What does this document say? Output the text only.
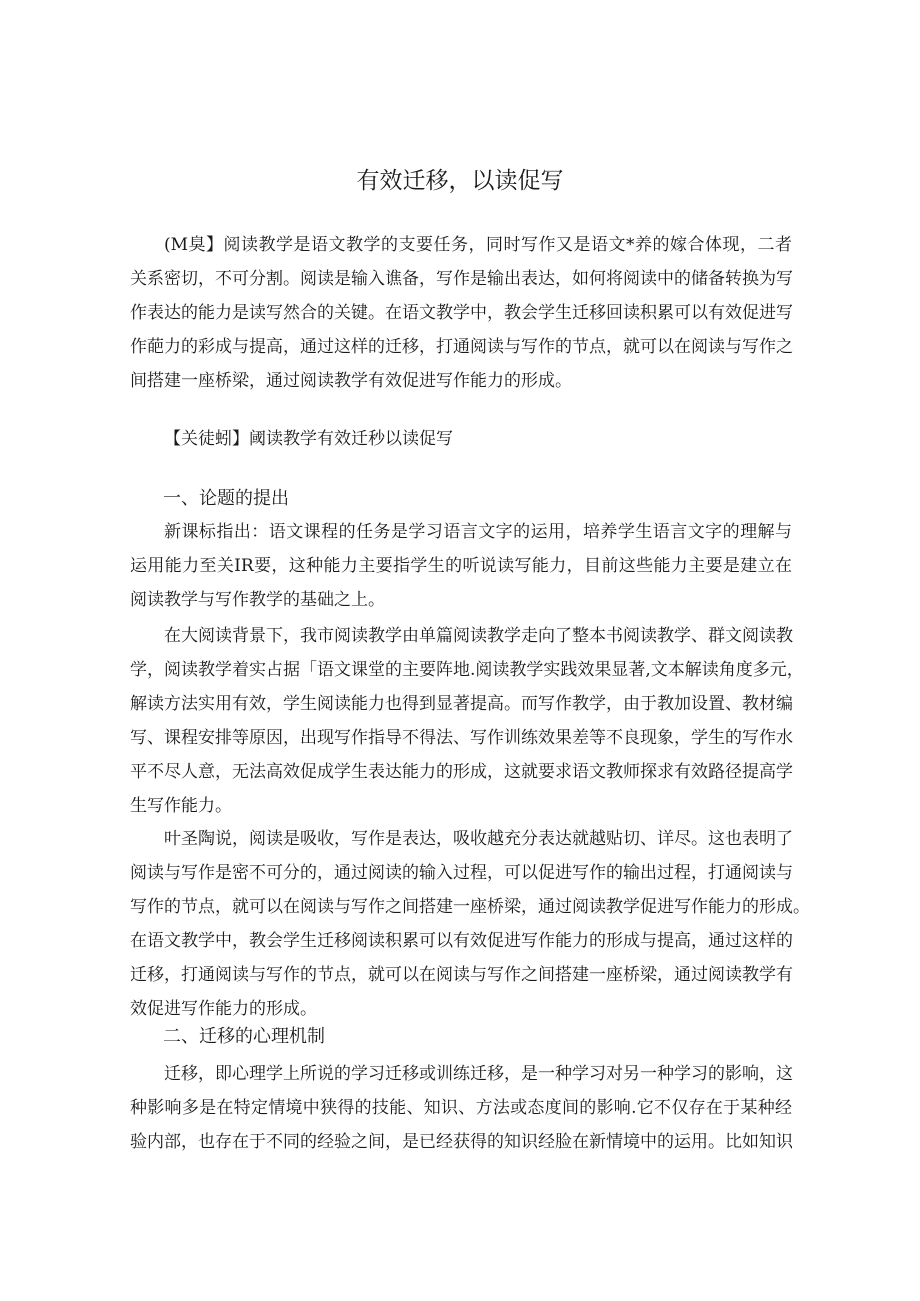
有效迁移，以读促写
(M臭】阅读教学是语文教学的支要任务，同时写作又是语文*养的嫁合体现，二者
关系密切，不可分割。阅读是输入谯备，写作是输出表达，如何将阅读中的储备转换为写
作表达的能力是读写然合的关键。在语文教学中，教会学生迁移回读积累可以有效促进写
作葩力的彩成与提高，通过这样的迁移，打通阅读与写作的节点，就可以在阅读与写作之
间搭建一座桥梁，通过阅读教学有效促进写作能力的形成。
【关徒蚓】阈读教学有效迁秒以读促写
一、论题的提出
新课标指出：语文课程的任务是学习语言文字的运用，培养学生语言文字的理解与
运用能力至关IR要，这种能力主要指学生的听说读写能力，目前这些能力主要是建立在
阅读教学与写作教学的基础之上。
在大阅读背景下，我市阅读教学由单篇阅读教学走向了整本书阅读教学、群文阅读教
学，阅读教学着实占据「语文课堂的主要阵地.阅读教学实践效果显著,文本解读角度多元，
解读方法实用有效，学生阅读能力也得到显著提高。而写作教学，由于教加设置、教材编
写、课程安排等原因，出现写作指导不得法、写作训练效果差等不良现象，学生的写作水
平不尽人意，无法高效促成学生表达能力的形成，这就要求语文教师探求有效路径提高学
生写作能力。
叶圣陶说，阅读是吸收，写作是表达，吸收越充分表达就越贴切、详尽。这也表明了
阅读与写作是密不可分的，通过阅读的输入过程，可以促进写作的输出过程，打通阅读与
写作的节点，就可以在阅读与写作之间搭建一座桥梁，通过阅读教学促进写作能力的形成。
在语文教学中，教会学生迁移阅读积累可以有效促进写作能力的形成与提高，通过这样的
迁移，打通阅读与写作的节点，就可以在阅读与写作之间搭建一座桥梁，通过阅读教学有
效促进写作能力的形成。
二、迁移的心理机制
迁移，即心理学上所说的学习迁移或训练迁移，是一种学习对另一种学习的影响，这
种影响多是在特定情境中狭得的技能、知识、方法或态度间的影响.它不仅存在于某种经
验内部，也存在于不同的经验之间，是已经获得的知识经脸在新情境中的运用。比如知识
